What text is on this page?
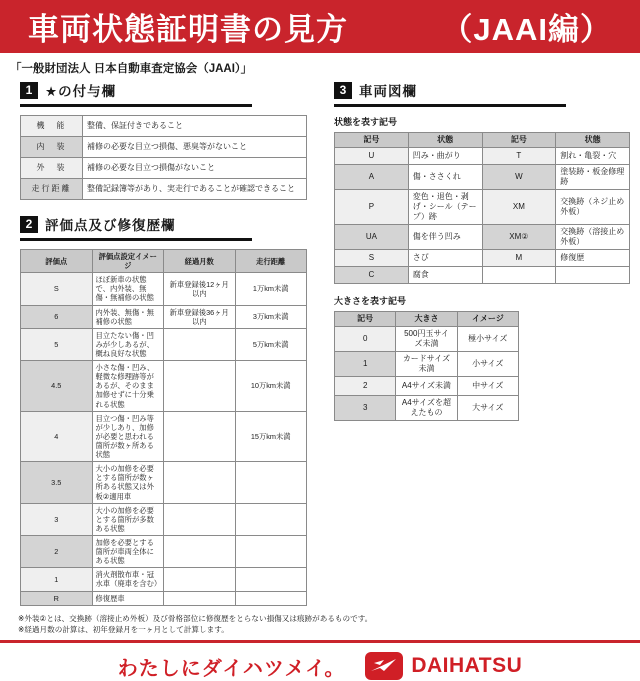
車両状態証明書の見方	（JAAI編）
「一般財団法人 日本自動車査定協会（JAAI）」
1 ★の付与欄
機　能	整備、保証付きであること
内　装	補修の必要な目立つ損傷、悪臭等がないこと
外　装	補修の必要な目立つ損傷がないこと
走行距離	整備記録簿等があり、実走行であることが確認できること
2 評価点及び修復歴欄
評価点	評価点設定イメージ	経過月数	走行距離
S	ほぼ新車の状態で、内外装、無傷・無補修の状態	新車登録後12ヶ月以内	1万km未満
6	内外装、無傷・無補修の状態	新車登録後36ヶ月以内	3万km未満
5	目立たない傷・凹みが少しあるが、概ね良好な状態		5万km未満
4.5	小さな傷・凹み、軽微な修理跡等があるが、そのまま加修せずに十分乗れる状態		10万km未満
4	目立つ傷・凹み等が少しあり、加修が必要と思われる箇所が数ヶ所ある状態		15万km未満
3.5	大小の加修を必要とする箇所が数ヶ所ある状態又は外板②適用車		
3	大小の加修を必要とする箇所が多数ある状態		
2	加修を必要とする箇所が車両全体にある状態		
1	消火剤散布車・冠水車（廃車を含む）		
R	修復歴車		
3 車両図欄
状態を表す記号
記号	状態	記号	状態
U	凹み・曲がり	T	割れ・亀裂・穴
A	傷・ささくれ	W	塗装跡・板金修理跡
P	変色・退色・剥げ・シール（テープ）跡	XM	交換跡（ネジ止め外板）
UA	傷を伴う凹み	XM②	交換跡（溶接止め外板）
S	さび	M	修復歴
C	腐食		
大きさを表す記号
記号	大きさ	イメージ
0	500円玉サイズ未満	極小サイズ
1	カードサイズ未満	小サイズ
2	A4サイズ未満	中サイズ
3	A4サイズを超えたもの	大サイズ
※外装②とは、交換跡（溶接止め外板）及び骨格部位に修復歴をとらない損傷又は痕跡があるものです。
※経過月数の計算は、初年登録月を一ヶ月として計算します。
わたしにダイハツメイ。	DAIHATSU
